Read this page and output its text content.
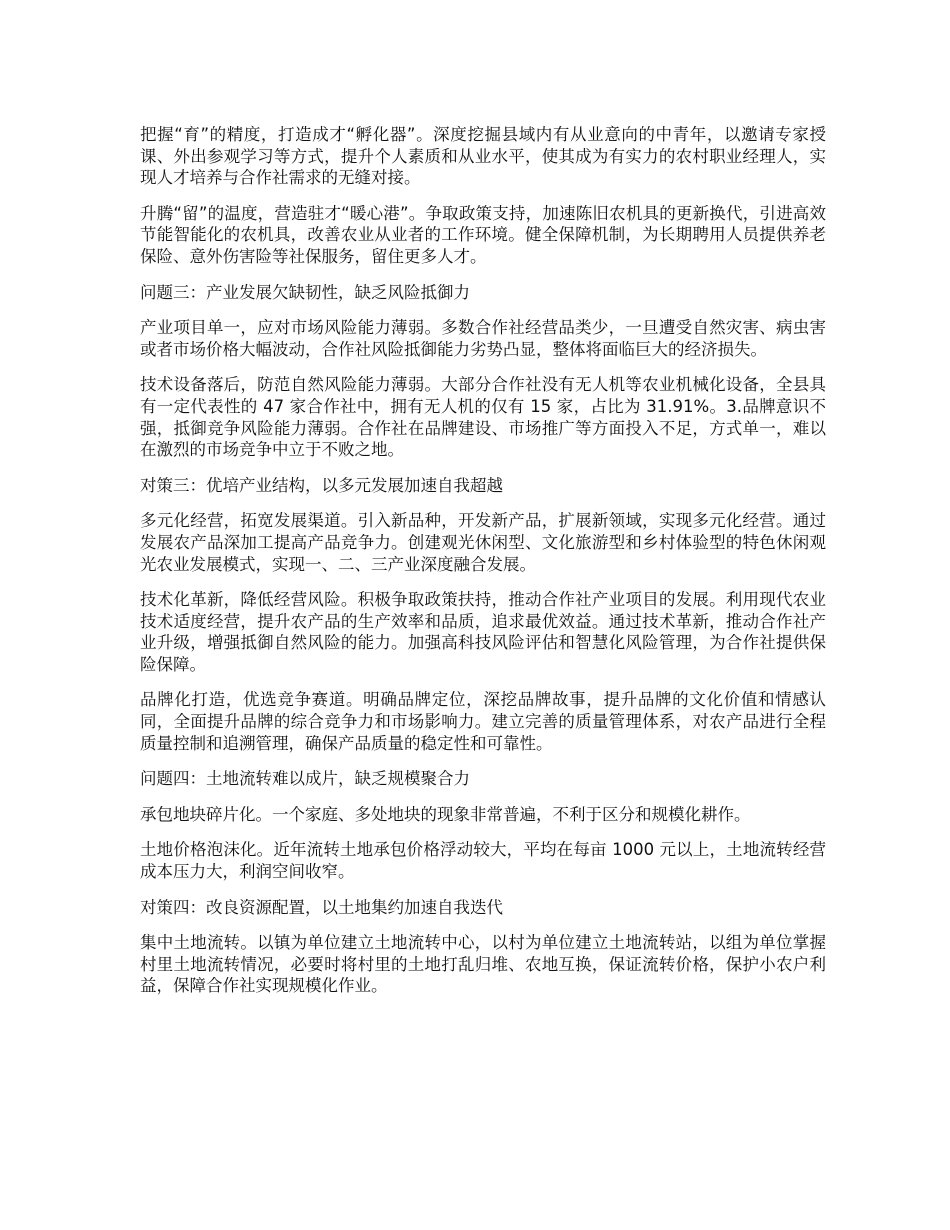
把握“育”的精度，打造成才“孵化器”。深度挖掘县域内有从业意向的中青年，以邀请专家授课、外出参观学习等方式，提升个人素质和从业水平，使其成为有实力的农村职业经理人，实现人才培养与合作社需求的无缝对接。

升腾“留”的温度，营造驻才“暖心港”。争取政策支持，加速陈旧农机具的更新换代，引进高效节能智能化的农机具，改善农业从业者的工作环境。健全保障机制，为长期聘用人员提供养老保险、意外伤害险等社保服务，留住更多人才。

问题三：产业发展欠缺韧性，缺乏风险抵御力

产业项目单一，应对市场风险能力薄弱。多数合作社经营品类少，一旦遭受自然灾害、病虫害或者市场价格大幅波动，合作社风险抵御能力劣势凸显，整体将面临巨大的经济损失。

技术设备落后，防范自然风险能力薄弱。大部分合作社没有无人机等农业机械化设备，全县具有一定代表性的 47 家合作社中，拥有无人机的仅有 15 家，占比为 31.91%。3.品牌意识不强，抵御竞争风险能力薄弱。合作社在品牌建设、市场推广等方面投入不足，方式单一，难以在激烈的市场竞争中立于不败之地。

对策三：优培产业结构，以多元发展加速自我超越

多元化经营，拓宽发展渠道。引入新品种，开发新产品，扩展新领域，实现多元化经营。通过发展农产品深加工提高产品竞争力。创建观光休闲型、文化旅游型和乡村体验型的特色休闲观光农业发展模式，实现一、二、三产业深度融合发展。

技术化革新，降低经营风险。积极争取政策扶持，推动合作社产业项目的发展。利用现代农业技术适度经营，提升农产品的生产效率和品质，追求最优效益。通过技术革新，推动合作社产业升级，增强抵御自然风险的能力。加强高科技风险评估和智慧化风险管理，为合作社提供保险保障。

品牌化打造，优选竞争赛道。明确品牌定位，深挖品牌故事，提升品牌的文化价值和情感认同，全面提升品牌的综合竞争力和市场影响力。建立完善的质量管理体系，对农产品进行全程质量控制和追溯管理，确保产品质量的稳定性和可靠性。

问题四：土地流转难以成片，缺乏规模聚合力

承包地块碎片化。一个家庭、多处地块的现象非常普遍，不利于区分和规模化耕作。

土地价格泡沫化。近年流转土地承包价格浮动较大，平均在每亩 1000 元以上，土地流转经营成本压力大，利润空间收窄。

对策四：改良资源配置，以土地集约加速自我迭代

集中土地流转。以镇为单位建立土地流转中心，以村为单位建立土地流转站，以组为单位掌握村里土地流转情况，必要时将村里的土地打乱归堆、农地互换，保证流转价格，保护小农户利益，保障合作社实现规模化作业。
